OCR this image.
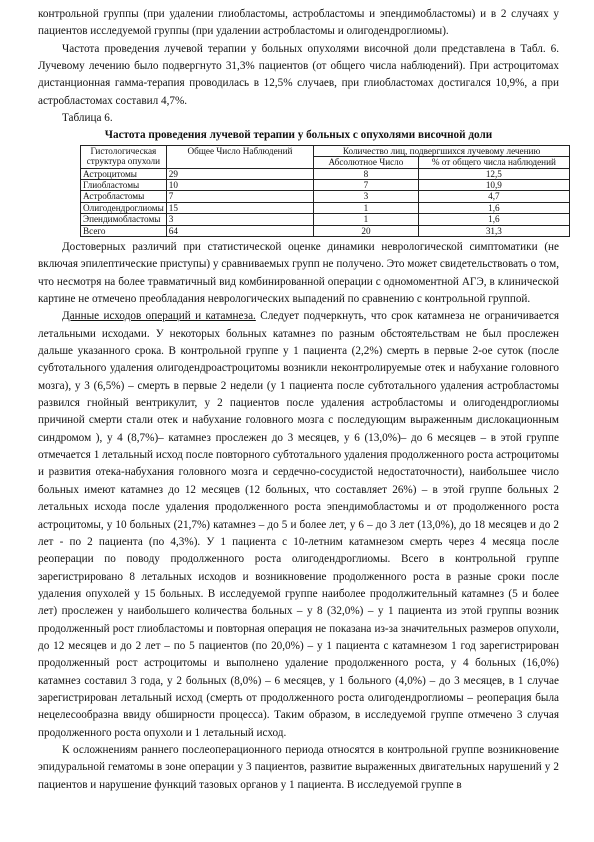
контрольной группы (при удалении глиобластомы, астробластомы и эпендимобластомы) и в 2 случаях у пациентов исследуемой группы (при удалении астробластомы и олигодендроглиомы).

Частота проведения лучевой терапии у больных опухолями височной доли представлена в Табл. 6. Лучевому лечению было подвергнуто 31,3% пациентов (от общего числа наблюдений). При астроцитомах дистанционная гамма-терапия проводилась в 12,5% случаев, при глиобластомах достигался 10,9%, а при астробластомах составил 4,7%.

Таблица 6.

Частота проведения лучевой терапии у больных с опухолями височной доли

Гистологическая структура опухоли	Общее Число Наблюдений	Количество лиц, подвергшихся лучевому лечению	
		Абсолютное Число	% от общего числа наблюдений
Астроцитомы	29	8	12,5
Глиобластомы	10	7	10,9
Астробластомы	7	3	4,7
Олигодендроглиомы	15	1	1,6
Эпендимобластомы	3	1	1,6
Всего	64	20	31,3

Достоверных различий при статистической оценке динамики неврологической симптоматики (не включая эпилептические приступы) у сравниваемых групп не получено. Это может свидетельствовать о том, что несмотря на более травматичный вид комбинированной операции с одномоментной АГЭ, в клинической картине не отмечено преобладания неврологических выпадений по сравнению с контрольной группой.

Данные исходов операций и катамнеза. Следует подчеркнуть, что срок катамнеза не ограничивается летальными исходами. У некоторых больных катамнез по разным обстоятельствам не был прослежен дальше указанного срока. В контрольной группе у 1 пациента (2,2%) смерть в первые 2-ое суток (после субтотального удаления олигодендроастроцитомы возникли неконтролируемые отек и набухание головного мозга), у 3 (6,5%) – смерть в первые 2 недели (у 1 пациента после субтотального удаления астробластомы развился гнойный вентрикулит, у 2 пациентов после удаления астробластомы и олигодендроглиомы причиной смерти стали отек и набухание головного мозга с последующим выраженным дислокационным синдромом ), у 4 (8,7%)– катамнез прослежен до 3 месяцев, у 6 (13,0%)– до 6 месяцев – в этой группе отмечается 1 летальный исход после повторного субтотального удаления продолженного роста астроцитомы и развития отека-набухания головного мозга и сердечно-сосудистой недостаточности), наибольшее число больных имеют катамнез до 12 месяцев (12 больных, что составляет 26%) – в этой группе больных 2 летальных исхода после удаления продолженного роста эпендимобластомы и от продолженного роста астроцитомы, у 10 больных (21,7%) катамнез – до 5 и более лет, у 6 – до 3 лет (13,0%), до 18 месяцев и до 2 лет - по 2 пациента (по 4,3%). У 1 пациента с 10-летним катамнезом смерть через 4 месяца после реоперации по поводу продолженного роста олигодендроглиомы. Всего в контрольной группе зарегистрировано 8 летальных исходов и возникновение продолженного роста в разные сроки после удаления опухолей у 15 больных. В исследуемой группе наиболее продолжительный катамнез (5 и более лет) прослежен у наибольшего количества больных – у 8 (32,0%) – у 1 пациента из этой группы возник продолженный рост глиобластомы и повторная операция не показана из-за значительных размеров опухоли, до 12 месяцев и до 2 лет – по 5 пациентов (по 20,0%) – у 1 пациента с катамнезом 1 год зарегистрирован продолженный рост астроцитомы и выполнено удаление продолженного роста, у 4 больных (16,0%) катамнез составил 3 года, у 2 больных (8,0%) – 6 месяцев, у 1 больного (4,0%) – до 3 месяцев, в 1 случае зарегистрирован летальный исход (смерть от продолженного роста олигодендроглиомы – реоперация была нецелесообразна ввиду обширности процесса). Таким образом, в исследуемой группе отмечено 3 случая продолженного роста опухоли и 1 летальный исход.

К осложнениям раннего послеоперационного периода относятся в контрольной группе возникновение эпидуральной гематомы в зоне операции у 3 пациентов, развитие выраженных двигательных нарушений у 2 пациентов и нарушение функций тазовых органов у 1 пациента. В исследуемой группе в
